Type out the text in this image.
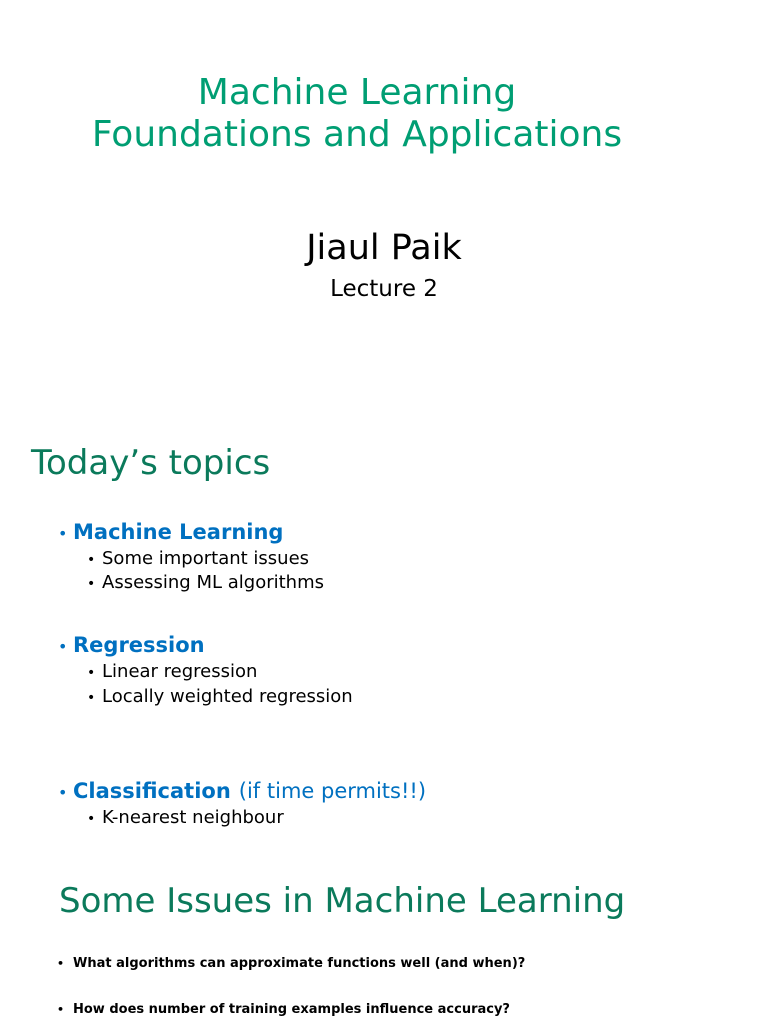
Machine Learning
Foundations and Applications
Jiaul Paik
Lecture 2
Today’s topics
• Machine Learning
• Some important issues
• Assessing ML algorithms
• Regression
• Linear regression
• Locally weighted regression
• Classification (if time permits!!)
• K-nearest neighbour
Some Issues in Machine Learning
• What algorithms can approximate functions well (and when)?
• How does number of training examples influence accuracy?
